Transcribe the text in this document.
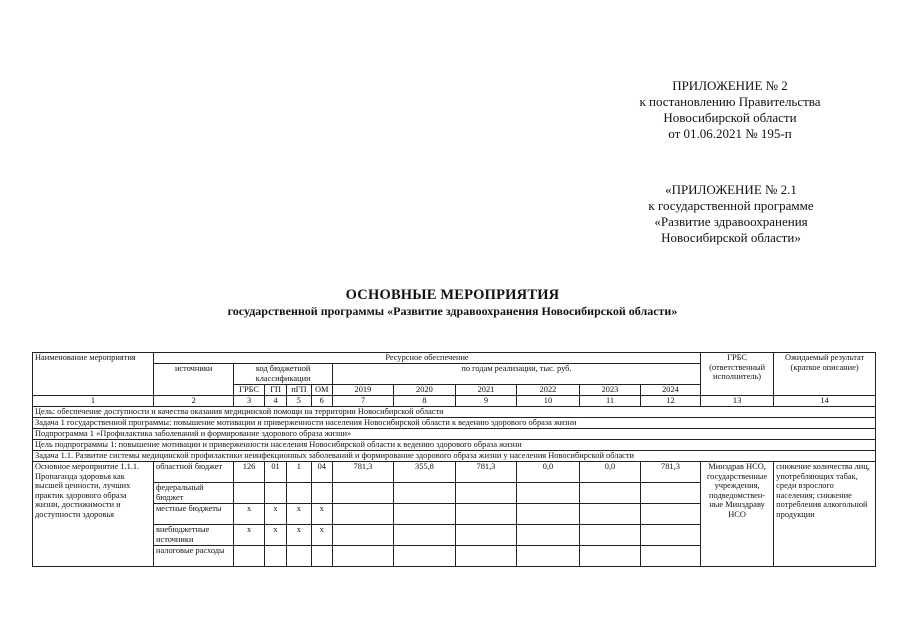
ПРИЛОЖЕНИЕ № 2
к постановлению Правительства
Новосибирской области
от 01.06.2021 № 195-п
«ПРИЛОЖЕНИЕ № 2.1
к государственной программе
«Развитие здравоохранения
Новосибирской области»
ОСНОВНЫЕ МЕРОПРИЯТИЯ
государственной программы «Развитие здравоохранения Новосибирской области»
Наименование мероприятия	Ресурсное обеспечение											ГРБС (ответственный исполнитель)	Ожидаемый результат (краткое описание)
	источники	код бюджетной классификации				по годам реализации, тыс. руб.							
		ГРБС	ГП	пГП	ОМ	2019	2020	2021	2022	2023	2024		
1	2	3	4	5	6	7	8	9	10	11	12	13	14
Цель: обеспечение доступности и качества оказания медицинской помощи на территории Новосибирской области													
Задача 1 государственной программы: повышение мотивации и приверженности населения Новосибирской области к ведению здорового образа жизни													
Подпрограмма 1 «Профилактика заболеваний и формирование здорового образа жизни»													
Цель подпрограммы 1: повышение мотивации и приверженности населения Новосибирской области к ведению здорового образа жизни													
Задача 1.1. Развитие системы медицинской профилактики неинфекционных заболеваний и формирование здорового образа жизни у населения Новосибирской области													
Основное мероприятие 1.1.1. Пропаганда здоровья как высшей ценности, лучших практик здорового образа жизни, достижимости и доступности здоровья	областной бюджет	126	01	1	04	781,3	355,8	781,3	0,0	0,0	781,3	Минздрав НСО, государственные учреждения, подведомствен-ные Минздраву НСО	снижение количества лиц, употребляющих табак, среди взрослого населения; снижение потребления алкогольной продукции
	федеральный бюджет												
	местные бюджеты	x	x	x	x								
	внебюджетные источники	x	x	x	x								
	налоговые расходы												
